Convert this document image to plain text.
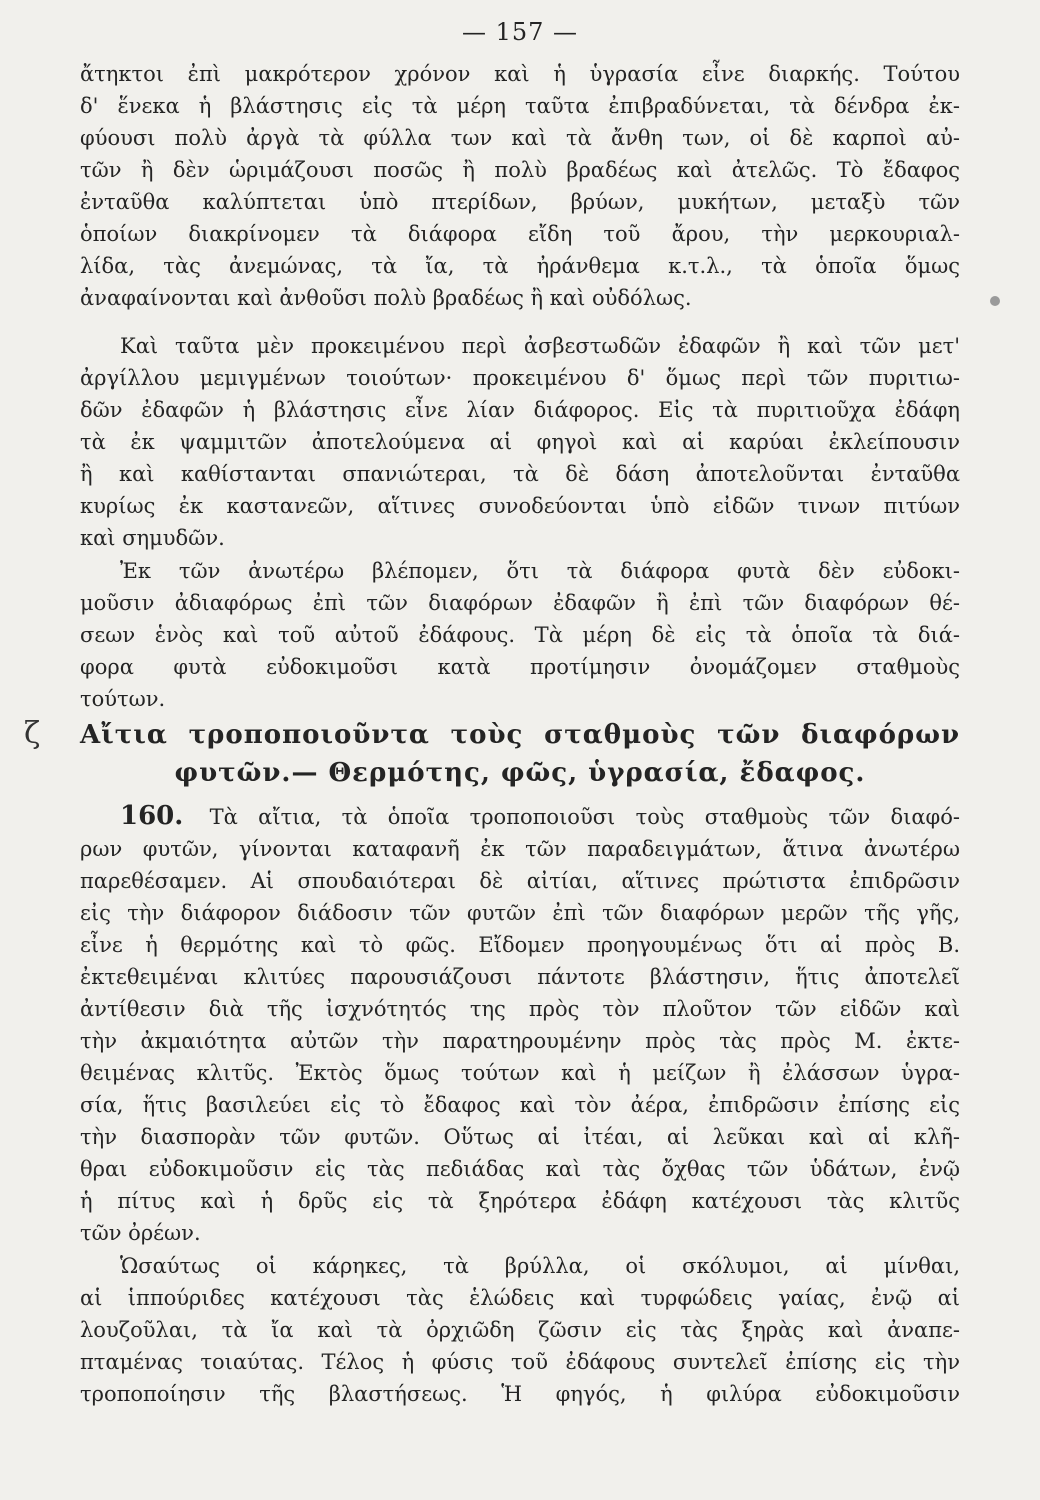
— 157 —
ζ
ἄτηκτοι ἐπὶ μακρότερον χρόνον καὶ ἡ ὑγρασία εἶνε διαρκής. Τούτου
δ' ἕνεκα ἡ βλάστησις εἰς τὰ μέρη ταῦτα ἐπιβραδύνεται, τὰ δένδρα ἐκ-
φύουσι πολὺ ἀργὰ τὰ φύλλα των καὶ τὰ ἄνθη των, οἱ δὲ καρποὶ αὐ-
τῶν ἢ δὲν ὡριμάζουσι ποσῶς ἢ πολὺ βραδέως καὶ ἀτελῶς. Τὸ ἔδαφος
ἐνταῦθα καλύπτεται ὑπὸ πτερίδων, βρύων, μυκήτων, μεταξὺ τῶν
ὁποίων διακρίνομεν τὰ διάφορα εἴδη τοῦ ἄρου, τὴν μερκουριαλ-
λίδα, τὰς ἀνεμώνας, τὰ ἴα, τὰ ἠράνθεμα κ.τ.λ., τὰ ὁποῖα ὅμως
ἀναφαίνονται καὶ ἀνθοῦσι πολὺ βραδέως ἢ καὶ οὐδόλως.
Καὶ ταῦτα μὲν προκειμένου περὶ ἀσβεστωδῶν ἐδαφῶν ἢ καὶ τῶν μετ'
ἀργίλλου μεμιγμένων τοιούτων· προκειμένου δ' ὅμως περὶ τῶν πυριτιω-
δῶν ἐδαφῶν ἡ βλάστησις εἶνε λίαν διάφορος. Εἰς τὰ πυριτιοῦχα ἐδάφη
τὰ ἐκ ψαμμιτῶν ἀποτελούμενα αἱ φηγοὶ καὶ αἱ καρύαι ἐκλείπουσιν
ἢ καὶ καθίστανται σπανιώτεραι, τὰ δὲ δάση ἀποτελοῦνται ἐνταῦθα
κυρίως ἐκ καστανεῶν, αἵτινες συνοδεύονται ὑπὸ εἰδῶν τινων πιτύων
καὶ σημυδῶν.
Ἐκ τῶν ἀνωτέρω βλέπομεν, ὅτι τὰ διάφορα φυτὰ δὲν εὐδοκι-
μοῦσιν ἀδιαφόρως ἐπὶ τῶν διαφόρων ἐδαφῶν ἢ ἐπὶ τῶν διαφόρων θέ-
σεων ἑνὸς καὶ τοῦ αὐτοῦ ἐδάφους. Τὰ μέρη δὲ εἰς τὰ ὁποῖα τὰ διά-
φορα φυτὰ εὐδοκιμοῦσι κατὰ προτίμησιν ὀνομάζομεν σταθμοὺς
τούτων.
Αἴτια τροποποιοῦντα τοὺς σταθμοὺς τῶν διαφόρων
φυτῶν.— Θερμότης, φῶς, ὑγρασία, ἔδαφος.
160. Τὰ αἴτια, τὰ ὁποῖα τροποποιοῦσι τοὺς σταθμοὺς τῶν διαφό-
ρων φυτῶν, γίνονται καταφανῆ ἐκ τῶν παραδειγμάτων, ἅτινα ἀνωτέρω
παρεθέσαμεν. Αἱ σπουδαιότεραι δὲ αἰτίαι, αἵτινες πρώτιστα ἐπιδρῶσιν
εἰς τὴν διάφορον διάδοσιν τῶν φυτῶν ἐπὶ τῶν διαφόρων μερῶν τῆς γῆς,
εἶνε ἡ θερμότης καὶ τὸ φῶς. Εἴδομεν προηγουμένως ὅτι αἱ πρὸς Β.
ἐκτεθειμέναι κλιτύες παρουσιάζουσι πάντοτε βλάστησιν, ἥτις ἀποτελεῖ
ἀντίθεσιν διὰ τῆς ἰσχνότητός της πρὸς τὸν πλοῦτον τῶν εἰδῶν καὶ
τὴν ἀκμαιότητα αὐτῶν τὴν παρατηρουμένην πρὸς τὰς πρὸς Μ. ἐκτε-
θειμένας κλιτῦς. Ἐκτὸς ὅμως τούτων καὶ ἡ μείζων ἢ ἐλάσσων ὑγρα-
σία, ἥτις βασιλεύει εἰς τὸ ἔδαφος καὶ τὸν ἀέρα, ἐπιδρῶσιν ἐπίσης εἰς
τὴν διασπορὰν τῶν φυτῶν. Οὕτως αἱ ἰτέαι, αἱ λεῦκαι καὶ αἱ κλῆ-
θραι εὐδοκιμοῦσιν εἰς τὰς πεδιάδας καὶ τὰς ὄχθας τῶν ὑδάτων, ἐνῷ
ἡ πίτυς καὶ ἡ δρῦς εἰς τὰ ξηρότερα ἐδάφη κατέχουσι τὰς κλιτῦς
τῶν ὀρέων.
Ὡσαύτως οἱ κάρηκες, τὰ βρύλλα, οἱ σκόλυμοι, αἱ μίνθαι,
αἱ ἱππούριδες κατέχουσι τὰς ἑλώδεις καὶ τυρφώδεις γαίας, ἐνῷ αἱ
λουζοῦλαι, τὰ ἴα καὶ τὰ ὀρχιῶδη ζῶσιν εἰς τὰς ξηρὰς καὶ ἀναπε-
πταμένας τοιαύτας. Τέλος ἡ φύσις τοῦ ἐδάφους συντελεῖ ἐπίσης εἰς τὴν
τροποποίησιν τῆς βλαστήσεως. Ἡ φηγός, ἡ φιλύρα εὐδοκιμοῦσιν
